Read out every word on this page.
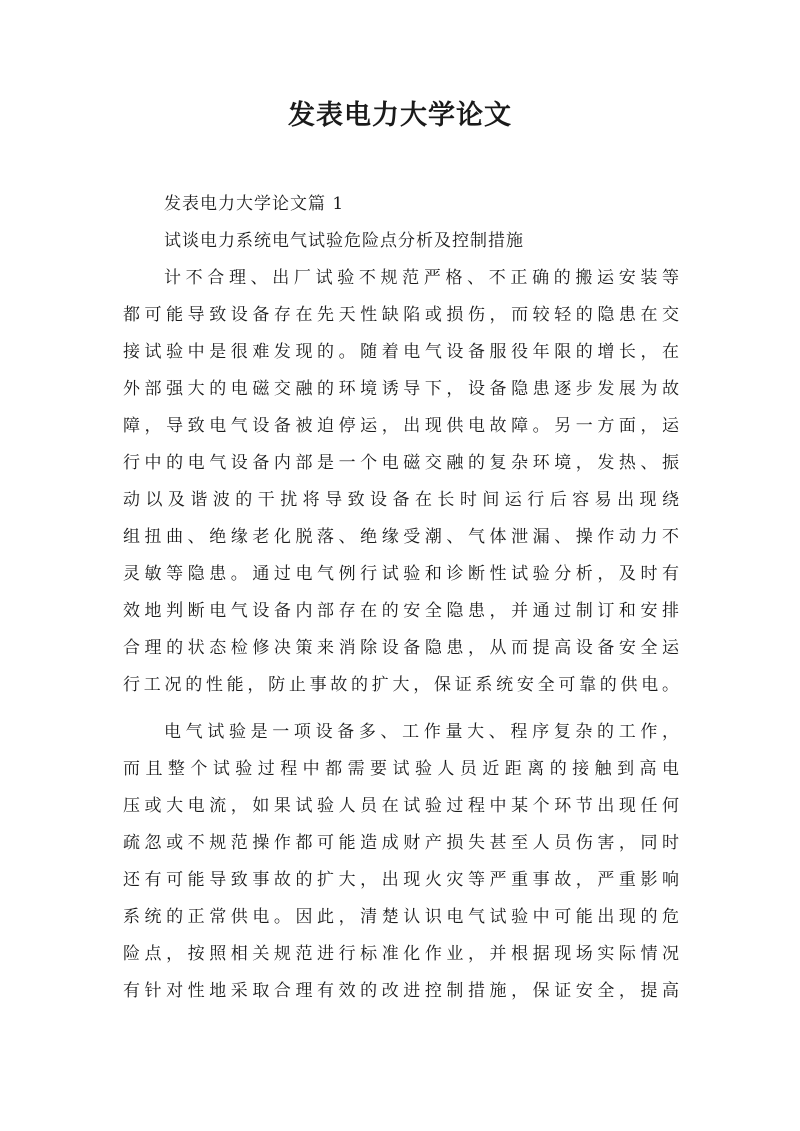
发表电力大学论文
发表电力大学论文篇 1
试谈电力系统电气试验危险点分析及控制措施
计不合理、出厂试验不规范严格、不正确的搬运安装等
都可能导致设备存在先天性缺陷或损伤，而较轻的隐患在交
接试验中是很难发现的。随着电气设备服役年限的增长，在
外部强大的电磁交融的环境诱导下，设备隐患逐步发展为故
障，导致电气设备被迫停运，出现供电故障。另一方面，运
行中的电气设备内部是一个电磁交融的复杂环境，发热、振
动以及谐波的干扰将导致设备在长时间运行后容易出现绕
组扭曲、绝缘老化脱落、绝缘受潮、气体泄漏、操作动力不
灵敏等隐患。通过电气例行试验和诊断性试验分析，及时有
效地判断电气设备内部存在的安全隐患，并通过制订和安排
合理的状态检修决策来消除设备隐患，从而提高设备安全运
行工况的性能，防止事故的扩大，保证系统安全可靠的供电。
电气试验是一项设备多、工作量大、程序复杂的工作，
而且整个试验过程中都需要试验人员近距离的接触到高电
压或大电流，如果试验人员在试验过程中某个环节出现任何
疏忽或不规范操作都可能造成财产损失甚至人员伤害，同时
还有可能导致事故的扩大，出现火灾等严重事故，严重影响
系统的正常供电。因此，清楚认识电气试验中可能出现的危
险点，按照相关规范进行标准化作业，并根据现场实际情况
有针对性地采取合理有效的改进控制措施，保证安全，提高
